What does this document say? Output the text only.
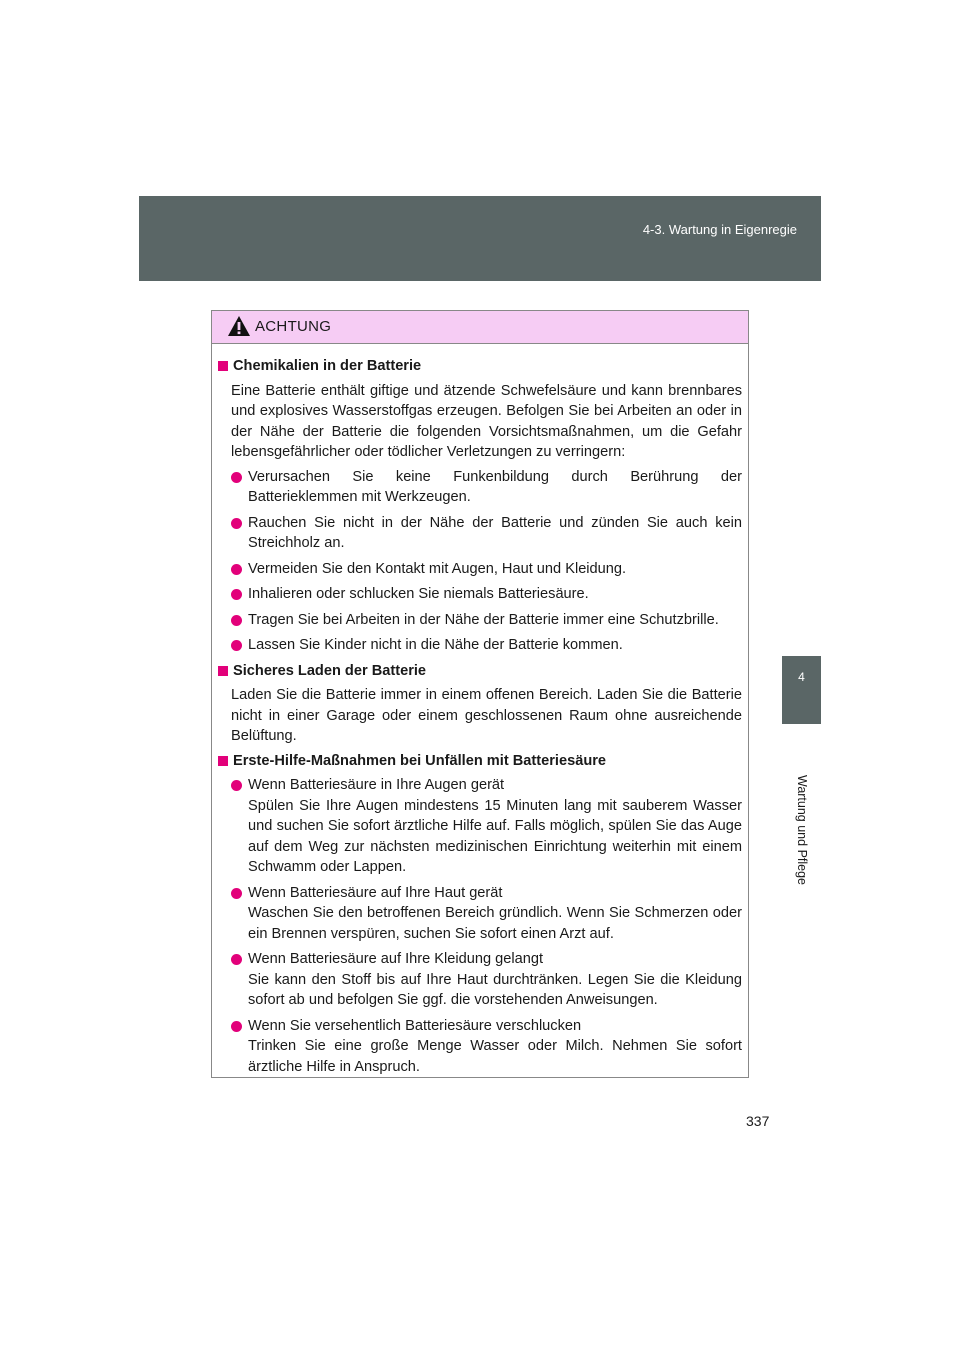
4-3. Wartung in Eigenregie
4
Wartung und Pflege
ACHTUNG
Chemikalien in der Batterie
Eine Batterie enthält giftige und ätzende Schwefelsäure und kann brennbares und explosives Wasserstoffgas erzeugen. Befolgen Sie bei Arbeiten an oder in der Nähe der Batterie die folgenden Vorsichtsmaßnahmen, um die Gefahr lebensgefährlicher oder tödlicher Verletzungen zu verringern:
Verursachen Sie keine Funkenbildung durch Berührung der Batterieklemmen mit Werkzeugen.
Rauchen Sie nicht in der Nähe der Batterie und zünden Sie auch kein Streichholz an.
Vermeiden Sie den Kontakt mit Augen, Haut und Kleidung.
Inhalieren oder schlucken Sie niemals Batteriesäure.
Tragen Sie bei Arbeiten in der Nähe der Batterie immer eine Schutzbrille.
Lassen Sie Kinder nicht in die Nähe der Batterie kommen.
Sicheres Laden der Batterie
Laden Sie die Batterie immer in einem offenen Bereich. Laden Sie die Batterie nicht in einer Garage oder einem geschlossenen Raum ohne ausreichende Belüftung.
Erste-Hilfe-Maßnahmen bei Unfällen mit Batteriesäure
Wenn Batteriesäure in Ihre Augen gerät
Spülen Sie Ihre Augen mindestens 15 Minuten lang mit sauberem Wasser und suchen Sie sofort ärztliche Hilfe auf. Falls möglich, spülen Sie das Auge auf dem Weg zur nächsten medizinischen Einrichtung weiterhin mit einem Schwamm oder Lappen.
Wenn Batteriesäure auf Ihre Haut gerät
Waschen Sie den betroffenen Bereich gründlich. Wenn Sie Schmerzen oder ein Brennen verspüren, suchen Sie sofort einen Arzt auf.
Wenn Batteriesäure auf Ihre Kleidung gelangt
Sie kann den Stoff bis auf Ihre Haut durchtränken. Legen Sie die Kleidung sofort ab und befolgen Sie ggf. die vorstehenden Anweisungen.
Wenn Sie versehentlich Batteriesäure verschlucken
Trinken Sie eine große Menge Wasser oder Milch. Nehmen Sie sofort ärztliche Hilfe in Anspruch.
337
